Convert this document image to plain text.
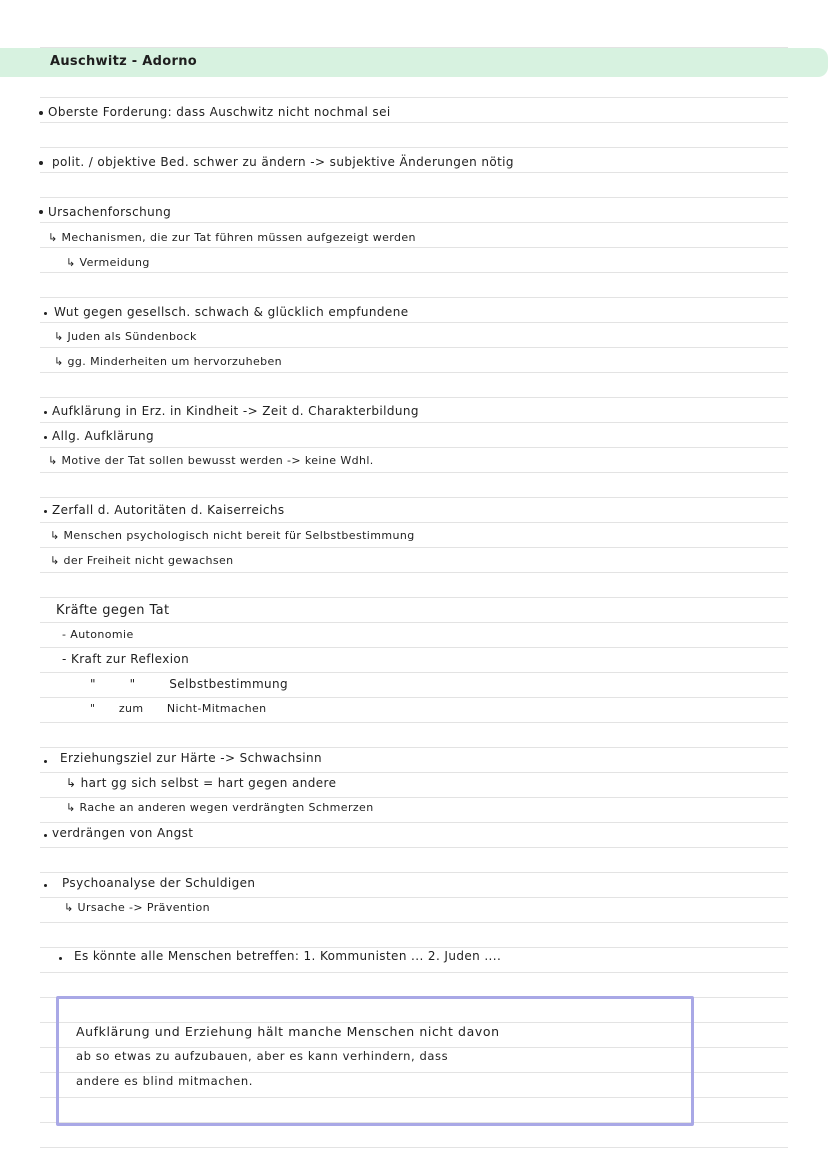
Auschwitz - Adorno
Oberste Forderung: dass Auschwitz nicht nochmal sei
polit. / objektive Bed. schwer zu ändern -> subjektive Änderungen nötig
Ursachenforschung
↳ Mechanismen, die zur Tat führen müssen aufgezeigt werden
↳ Vermeidung
Wut gegen gesellsch. schwach & glücklich empfundene
↳ Juden als Sündenbock
↳ gg. Minderheiten um hervorzuheben
Aufklärung in Erz. in Kindheit -> Zeit d. Charakterbildung
Allg. Aufklärung
↳ Motive der Tat sollen bewusst werden -> keine Wdhl.
Zerfall d. Autoritäten d. Kaiserreichs
↳ Menschen psychologisch nicht bereit für Selbstbestimmung
↳ der Freiheit nicht gewachsen
Kräfte gegen Tat
- Autonomie
- Kraft zur Reflexion
"        "        Selbstbestimmung
"      zum      Nicht-Mitmachen
Erziehungsziel zur Härte -> Schwachsinn
↳ hart gg sich selbst = hart gegen andere
↳ Rache an anderen wegen verdrängten Schmerzen
verdrängen von Angst
Psychoanalyse der Schuldigen
↳ Ursache -> Prävention
Es könnte alle Menschen betreffen: 1. Kommunisten ... 2. Juden ....
Aufklärung und Erziehung hält manche Menschen nicht davon
ab so etwas zu aufzubauen, aber es kann verhindern, dass
andere es blind mitmachen.
